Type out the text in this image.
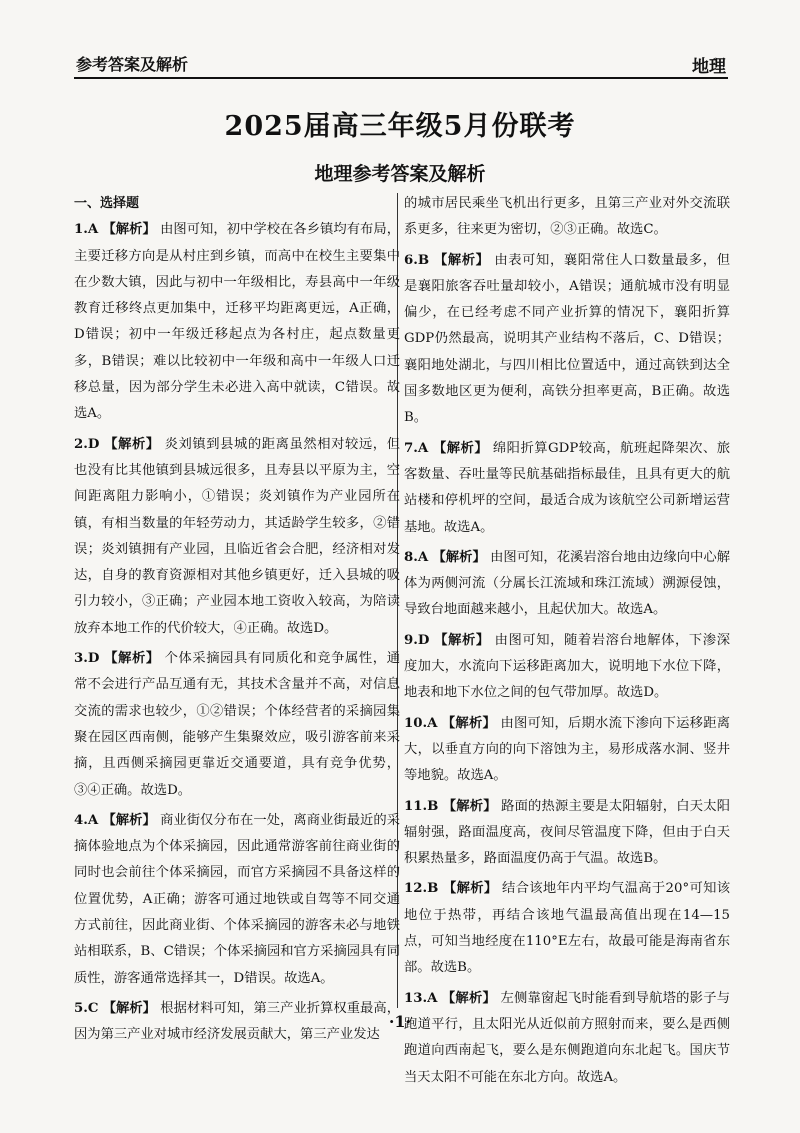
参考答案及解析	地理
2025届高三年级5月份联考
地理参考答案及解析
一、选择题
1.A 【解析】 由图可知，初中学校在各乡镇均有布局，主要迁移方向是从村庄到乡镇，而高中在校生主要集中在少数大镇，因此与初中一年级相比，寿县高中一年级教育迁移终点更加集中，迁移平均距离更远，A正确，D错误；初中一年级迁移起点为各村庄，起点数量更多，B错误；难以比较初中一年级和高中一年级人口迁移总量，因为部分学生未必进入高中就读，C错误。故选A。
2.D 【解析】 炎刘镇到县城的距离虽然相对较远，但也没有比其他镇到县城远很多，且寿县以平原为主，空间距离阻力影响小，①错误；炎刘镇作为产业园所在镇，有相当数量的年轻劳动力，其适龄学生较多，②错误；炎刘镇拥有产业园，且临近省会合肥，经济相对发达，自身的教育资源相对其他乡镇更好，迁入县城的吸引力较小，③正确；产业园本地工资收入较高，为陪读放弃本地工作的代价较大，④正确。故选D。
3.D 【解析】 个体采摘园具有同质化和竞争属性，通常不会进行产品互通有无，其技术含量并不高，对信息交流的需求也较少，①②错误；个体经营者的采摘园集聚在园区西南侧，能够产生集聚效应，吸引游客前来采摘，且西侧采摘园更靠近交通要道，具有竞争优势，③④正确。故选D。
4.A 【解析】 商业街仅分布在一处，离商业街最近的采摘体验地点为个体采摘园，因此通常游客前往商业街的同时也会前往个体采摘园，而官方采摘园不具备这样的位置优势，A正确；游客可通过地铁或自驾等不同交通方式前往，因此商业街、个体采摘园的游客未必与地铁站相联系，B、C错误；个体采摘园和官方采摘园具有同质性，游客通常选择其一，D错误。故选A。
5.C 【解析】 根据材料可知，第三产业折算权重最高，因为第三产业对城市经济发展贡献大，第三产业发达
的城市居民乘坐飞机出行更多，且第三产业对外交流联系更多，往来更为密切，②③正确。故选C。
6.B 【解析】 由表可知，襄阳常住人口数量最多，但是襄阳旅客吞吐量却较小，A错误；通航城市没有明显偏少，在已经考虑不同产业折算的情况下，襄阳折算GDP仍然最高，说明其产业结构不落后，C、D错误；襄阳地处湖北，与四川相比位置适中，通过高铁到达全国多数地区更为便利，高铁分担率更高，B正确。故选B。
7.A 【解析】 绵阳折算GDP较高，航班起降架次、旅客数量、吞吐量等民航基础指标最佳，且具有更大的航站楼和停机坪的空间，最适合成为该航空公司新增运营基地。故选A。
8.A 【解析】 由图可知，花溪岩溶台地由边缘向中心解体为两侧河流（分属长江流域和珠江流域）溯源侵蚀，导致台地面越来越小，且起伏加大。故选A。
9.D 【解析】 由图可知，随着岩溶台地解体，下渗深度加大，水流向下运移距离加大，说明地下水位下降，地表和地下水位之间的包气带加厚。故选D。
10.A 【解析】 由图可知，后期水流下渗向下运移距离大，以垂直方向的向下溶蚀为主，易形成落水洞、竖井等地貌。故选A。
11.B 【解析】 路面的热源主要是太阳辐射，白天太阳辐射强，路面温度高，夜间尽管温度下降，但由于白天积累热量多，路面温度仍高于气温。故选B。
12.B 【解析】 结合该地年内平均气温高于20°可知该地位于热带，再结合该地气温最高值出现在14—15点，可知当地经度在110°E左右，故最可能是海南省东部。故选B。
13.A 【解析】 左侧靠窗起飞时能看到导航塔的影子与跑道平行，且太阳光从近似前方照射而来，要么是西侧跑道向西南起飞，要么是东侧跑道向东北起飞。国庆节当天太阳不可能在东北方向。故选A。
·1·
